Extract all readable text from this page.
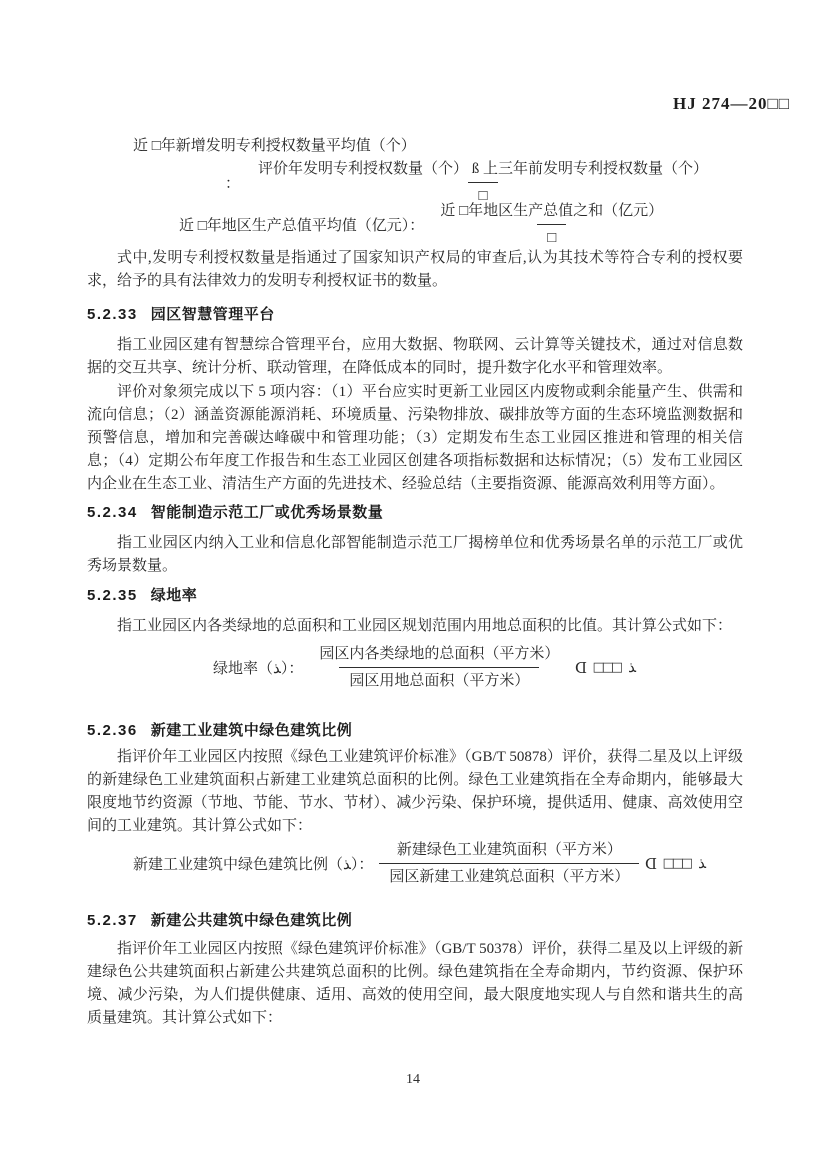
HJ 274—20□□
近 □年新增发明专利授权数量平均值（个）
： $\frac{\text{评价年发明专利授权数量（个） ß 上三年前发明专利授权数量（个）}}{□}$
近 □年地区生产总值平均值（亿元）： $\frac{\text{近 □年地区生产总值之和（亿元）}}{□}$

式中,发明专利授权数量是指通过了国家知识产权局的审查后,认为其技术等符合专利的授权要求，给予的具有法律效力的发明专利授权证书的数量。

5.2.33 园区智慧管理平台

指工业园区建有智慧综合管理平台，应用大数据、物联网、云计算等关键技术，通过对信息数据的交互共享、统计分析、联动管理，在降低成本的同时，提升数字化水平和管理效率。

评价对象须完成以下 5 项内容：（1）平台应实时更新工业园区内废物或剩余能量产生、供需和流向信息；（2）涵盖资源能源消耗、环境质量、污染物排放、碳排放等方面的生态环境监测数据和预警信息，增加和完善碳达峰碳中和管理功能；（3）定期发布生态工业园区推进和管理的相关信息；（4）定期公布年度工作报告和生态工业园区创建各项指标数据和达标情况；（5）发布工业园区内企业在生态工业、清洁生产方面的先进技术、经验总结（主要指资源、能源高效利用等方面）。

5.2.34 智能制造示范工厂或优秀场景数量

指工业园区内纳入工业和信息化部智能制造示范工厂揭榜单位和优秀场景名单的示范工厂或优秀场景数量。

5.2.35 绿地率

指工业园区内各类绿地的总面积和工业园区规划范围内用地总面积的比值。其计算公式如下：

绿地率（ﺬ）： $\frac{\text{园区内各类绿地的总面积（平方米）}}{\text{园区用地总面积（平方米）}}$ D □□□ ﺬ
5.2.36 新建工业建筑中绿色建筑比例

指评价年工业园区内按照《绿色工业建筑评价标准》（GB/T 50878）评价，获得二星及以上评级的新建绿色工业建筑面积占新建工业建筑总面积的比例。绿色工业建筑指在全寿命期内，能够最大限度地节约资源（节地、节能、节水、节材）、减少污染、保护环境，提供适用、健康、高效使用空间的工业建筑。其计算公式如下：

新建工业建筑中绿色建筑比例（ﺬ）： $\frac{\text{新建绿色工业建筑面积（平方米）}}{\text{园区新建工业建筑总面积（平方米）}}$ D □□□ ﺬ
5.2.37 新建公共建筑中绿色建筑比例

指评价年工业园区内按照《绿色建筑评价标准》（GB/T 50378）评价，获得二星及以上评级的新建绿色公共建筑面积占新建公共建筑总面积的比例。绿色建筑指在全寿命期内，节约资源、保护环境、减少污染，为人们提供健康、适用、高效的使用空间，最大限度地实现人与自然和谐共生的高质量建筑。其计算公式如下：

14
